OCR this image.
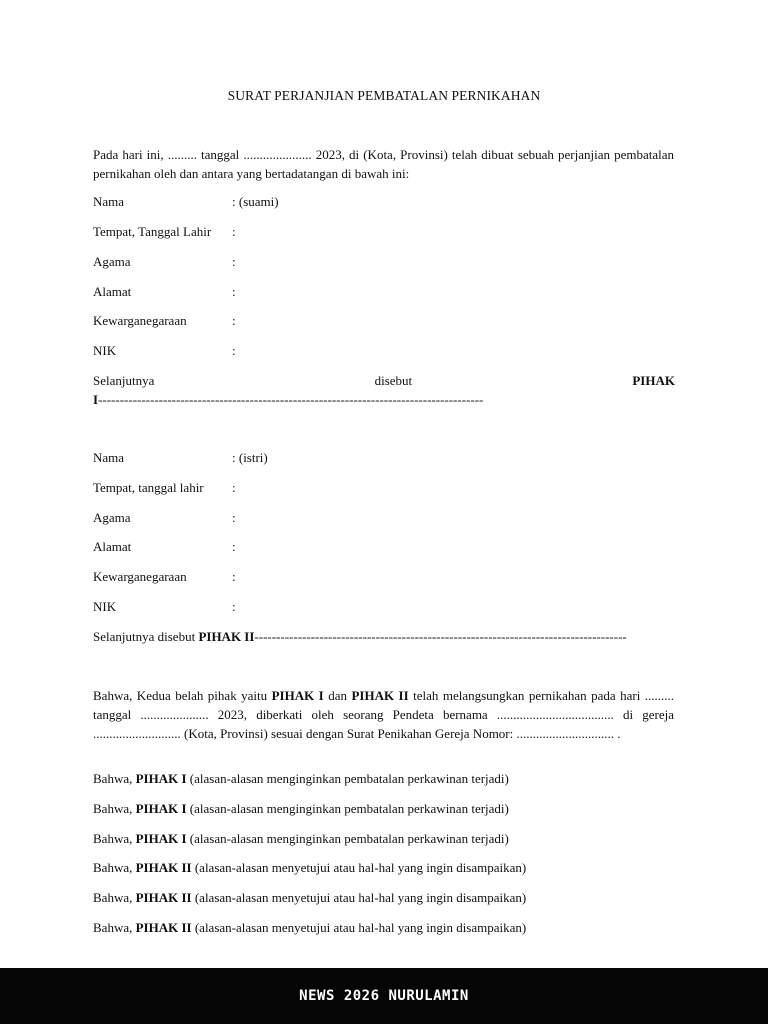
SURAT PERJANJIAN PEMBATALAN PERNIKAHAN

Pada hari ini, ......... tanggal ..................... 2023, di (Kota, Provinsi) telah dibuat sebuah perjanjian pembatalan pernikahan oleh dan antara yang bertadatangan di bawah ini:

Nama	: (suami)
Tempat, Tanggal Lahir :
Agama	:
Alamat	:
Kewarganegaraan	:
NIK	:
Selanjutnya	disebut	PIHAK
I-----------------------------------------------------------------------------------------
Nama	: (istri)
Tempat, tanggal lahir :
Agama	:
Alamat	:
Kewarganegaraan	:
NIK	:
Selanjutnya disebut PIHAK II--------------------------------------------------------------------------------------

Bahwa, Kedua belah pihak yaitu PIHAK I dan PIHAK II telah melangsungkan pernikahan pada hari ......... tanggal ..................... 2023, diberkati oleh seorang Pendeta bernama .................................... di gereja ........................... (Kota, Provinsi) sesuai dengan Surat Penikahan Gereja Nomor: .............................. .

Bahwa, PIHAK I (alasan-alasan menginginkan pembatalan perkawinan terjadi)
Bahwa, PIHAK I (alasan-alasan menginginkan pembatalan perkawinan terjadi)
Bahwa, PIHAK I (alasan-alasan menginginkan pembatalan perkawinan terjadi)
Bahwa, PIHAK II (alasan-alasan menyetujui atau hal-hal yang ingin disampaikan)
Bahwa, PIHAK II (alasan-alasan menyetujui atau hal-hal yang ingin disampaikan)
Bahwa, PIHAK II (alasan-alasan menyetujui atau hal-hal yang ingin disampaikan)
NEWS 2026 NURULAMIN
